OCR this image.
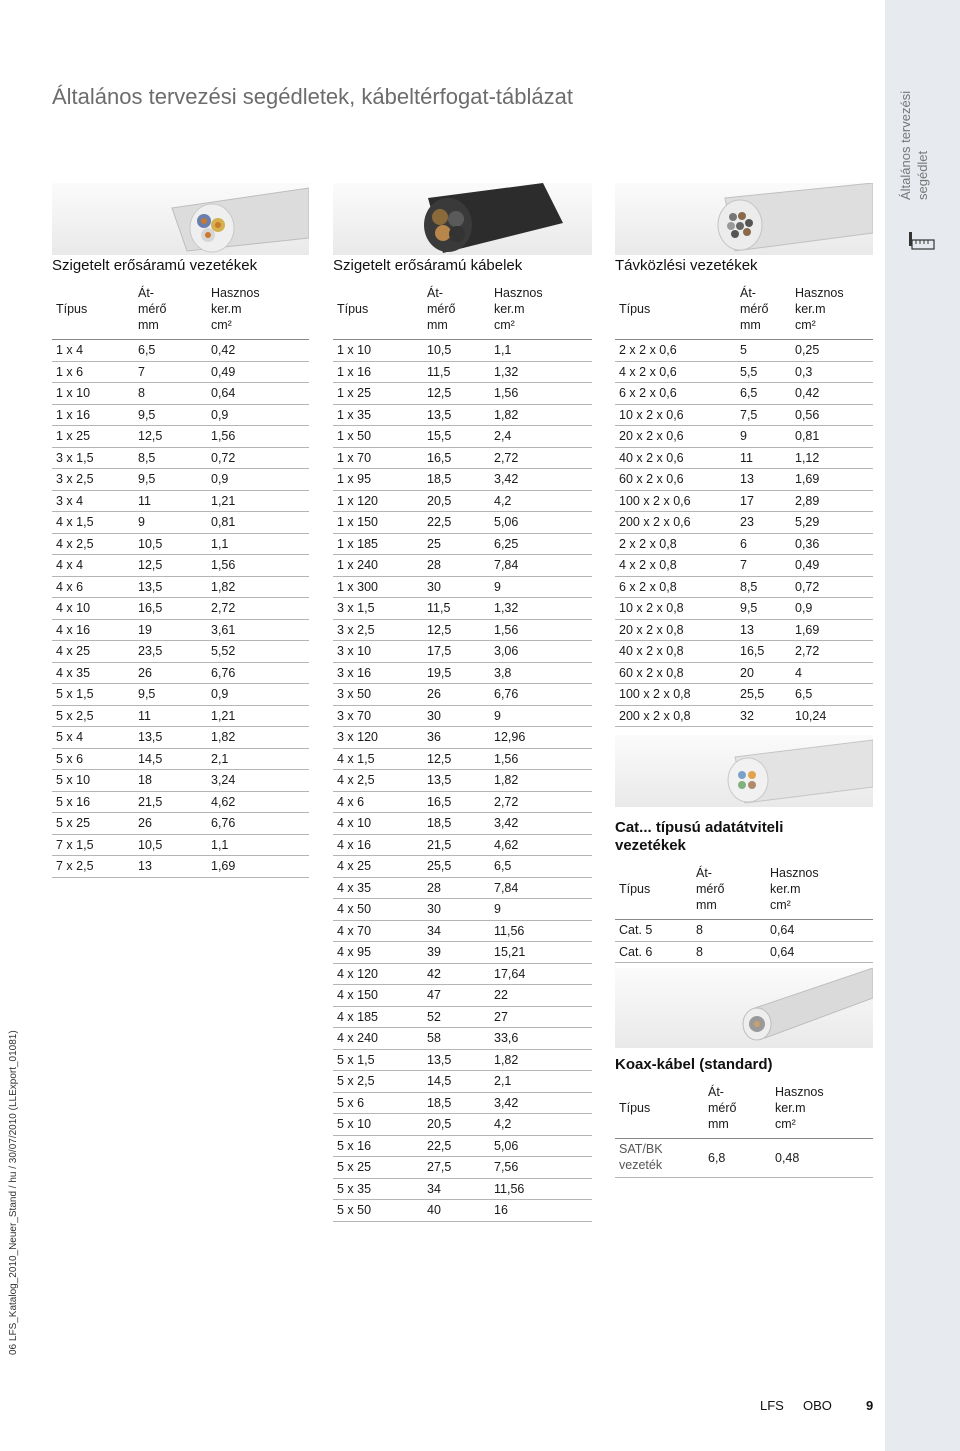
Általános tervezési segédlet
06 LFS_Katalog_2010_Neuer_Stand / hu / 30/07/2010 (LLExport_01081)
Általános tervezési segédletek, kábeltérfogat-táblázat
Szigetelt erősáramú vezetékek
Típus	Át-
mérő
mm	Hasznos
ker.m
cm²

1 x 4	6,5	0,42
1 x 6	7	0,49
1 x 10	8	0,64
1 x 16	9,5	0,9
1 x 25	12,5	1,56
3 x 1,5	8,5	0,72
3 x 2,5	9,5	0,9
3 x 4	11	1,21
4 x 1,5	9	0,81
4 x 2,5	10,5	1,1
4 x 4	12,5	1,56
4 x 6	13,5	1,82
4 x 10	16,5	2,72
4 x 16	19	3,61
4 x 25	23,5	5,52
4 x 35	26	6,76
5 x 1,5	9,5	0,9
5 x 2,5	11	1,21
5 x 4	13,5	1,82
5 x 6	14,5	2,1
5 x 10	18	3,24
5 x 16	21,5	4,62
5 x 25	26	6,76
7 x 1,5	10,5	1,1
7 x 2,5	13	1,69
Szigetelt erősáramú kábelek
Típus	Át-
mérő
mm	Hasznos
ker.m
cm²

1 x 10	10,5	1,1
1 x 16	11,5	1,32
1 x 25	12,5	1,56
1 x 35	13,5	1,82
1 x 50	15,5	2,4
1 x 70	16,5	2,72
1 x 95	18,5	3,42
1 x 120	20,5	4,2
1 x 150	22,5	5,06
1 x 185	25	6,25
1 x 240	28	7,84
1 x 300	30	9
3 x 1,5	11,5	1,32
3 x 2,5	12,5	1,56
3 x 10	17,5	3,06
3 x 16	19,5	3,8
3 x 50	26	6,76
3 x 70	30	9
3 x 120	36	12,96
4 x 1,5	12,5	1,56
4 x 2,5	13,5	1,82
4 x 6	16,5	2,72
4 x 10	18,5	3,42
4 x 16	21,5	4,62
4 x 25	25,5	6,5
4 x 35	28	7,84
4 x 50	30	9
4 x 70	34	11,56
4 x 95	39	15,21
4 x 120	42	17,64
4 x 150	47	22
4 x 185	52	27
4 x 240	58	33,6
5 x 1,5	13,5	1,82
5 x 2,5	14,5	2,1
5 x 6	18,5	3,42
5 x 10	20,5	4,2
5 x 16	22,5	5,06
5 x 25	27,5	7,56
5 x 35	34	11,56
5 x 50	40	16
Távközlési vezetékek
Típus	Át-
mérő
mm	Hasznos
ker.m
cm²

2 x 2 x 0,6	5	0,25
4 x 2 x 0,6	5,5	0,3
6 x 2 x 0,6	6,5	0,42
10 x 2 x 0,6	7,5	0,56
20 x 2 x 0,6	9	0,81
40 x 2 x 0,6	11	1,12
60 x 2 x 0,6	13	1,69
100 x 2 x 0,6	17	2,89
200 x 2 x 0,6	23	5,29
2 x 2 x 0,8	6	0,36
4 x 2 x 0,8	7	0,49
6 x 2 x 0,8	8,5	0,72
10 x 2 x 0,8	9,5	0,9
20 x 2 x 0,8	13	1,69
40 x 2 x 0,8	16,5	2,72
60 x 2 x 0,8	20	4
100 x 2 x 0,8	25,5	6,5
200 x 2 x 0,8	32	10,24
Cat... típusú adatátviteli vezetékek
Típus	Át-
mérő
mm	Hasznos
ker.m
cm²

Cat. 5	8	0,64
Cat. 6	8	0,64
Koax-kábel (standard)
Típus	Át-
mérő
mm	Hasznos
ker.m
cm²

SAT/BK
vezeték	6,8	0,48
LFS OBO	9
